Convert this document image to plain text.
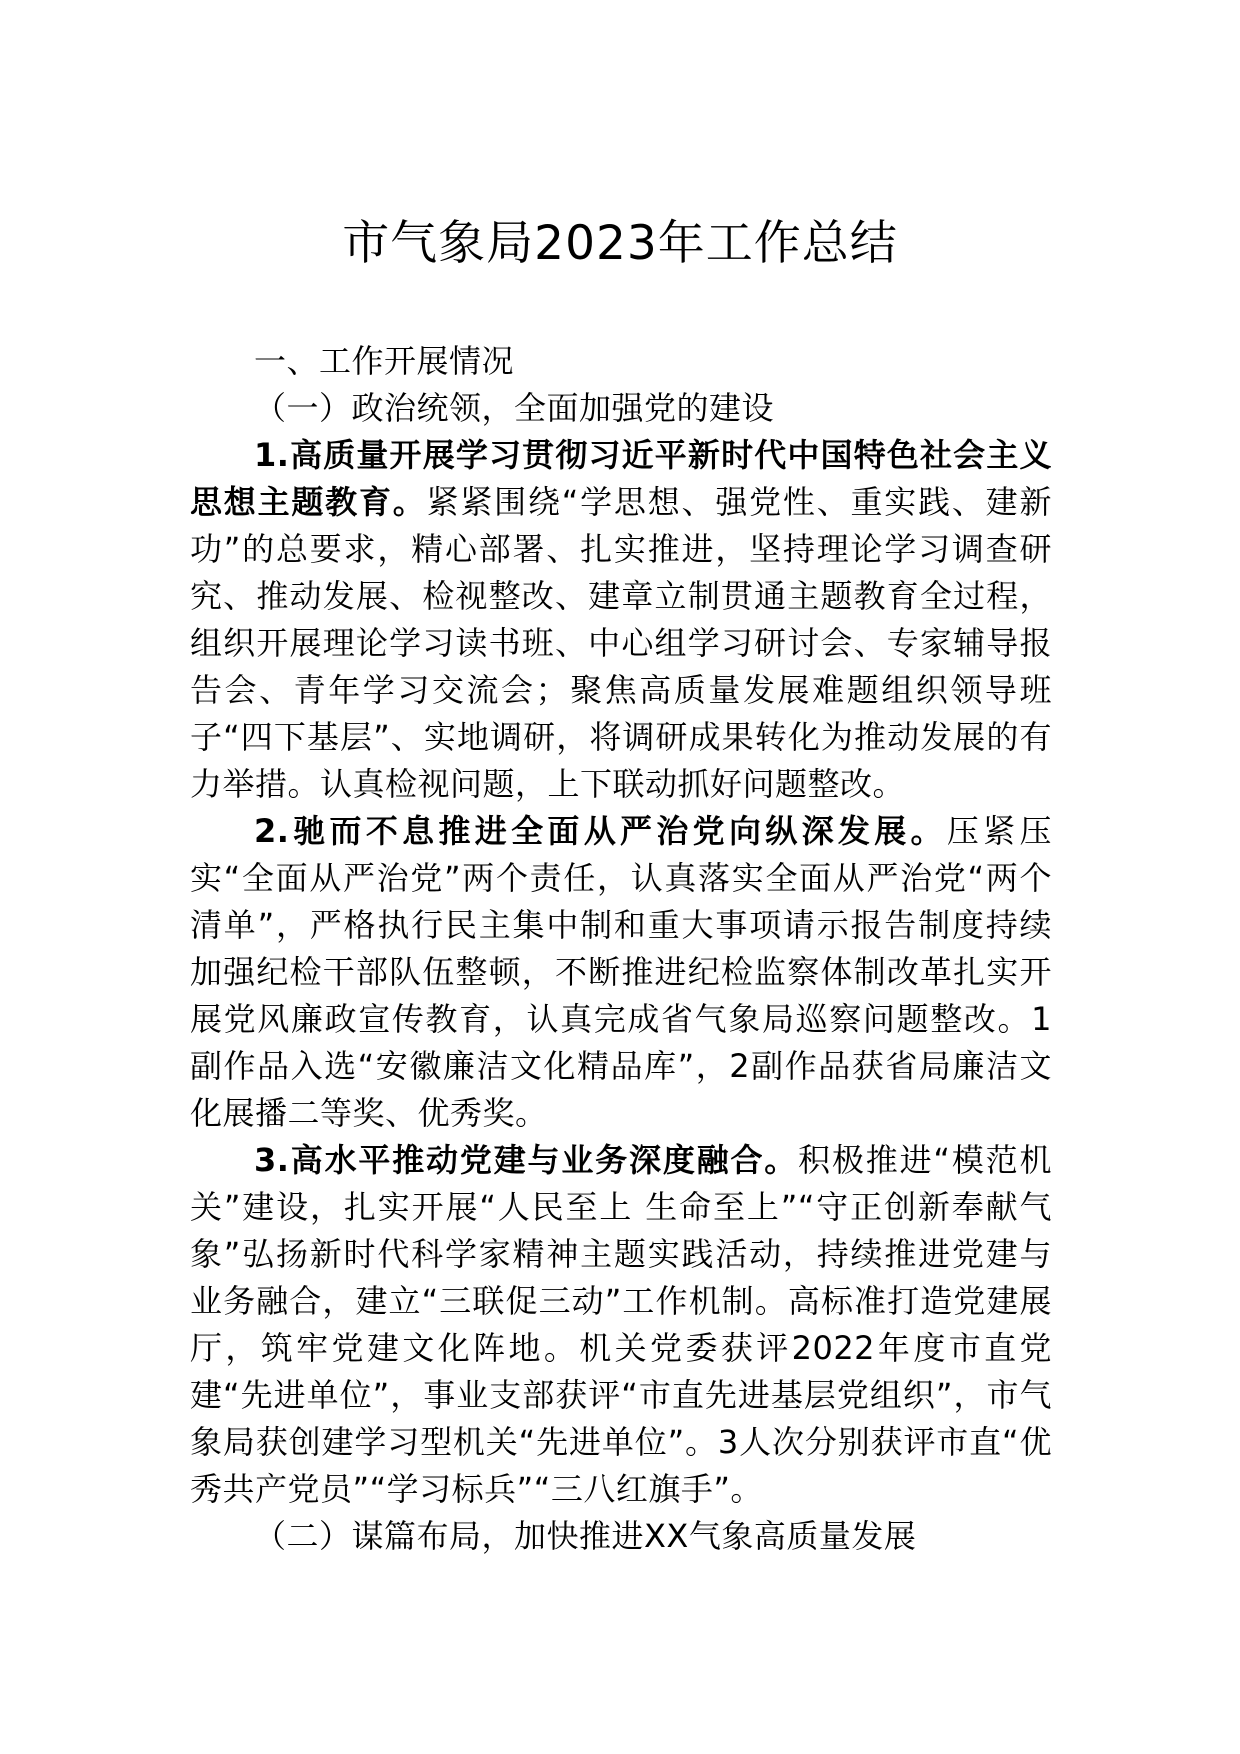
市气象局2023年工作总结

一、工作开展情况

（一）政治统领，全面加强党的建设

1.高质量开展学习贯彻习近平新时代中国特色社会主义思想主题教育。紧紧围绕“学思想、强党性、重实践、建新功”的总要求，精心部署、扎实推进，坚持理论学习调查研究、推动发展、检视整改、建章立制贯通主题教育全过程，组织开展理论学习读书班、中心组学习研讨会、专家辅导报告会、青年学习交流会；聚焦高质量发展难题组织领导班子“四下基层”、实地调研，将调研成果转化为推动发展的有力举措。认真检视问题，上下联动抓好问题整改。

2.驰而不息推进全面从严治党向纵深发展。压紧压实“全面从严治党”两个责任，认真落实全面从严治党“两个清单”，严格执行民主集中制和重大事项请示报告制度持续加强纪检干部队伍整顿，不断推进纪检监察体制改革扎实开展党风廉政宣传教育，认真完成省气象局巡察问题整改。1副作品入选“安徽廉洁文化精品库”，2副作品获省局廉洁文化展播二等奖、优秀奖。

3.高水平推动党建与业务深度融合。积极推进“模范机关”建设，扎实开展“人民至上 生命至上”“守正创新奉献气象”弘扬新时代科学家精神主题实践活动，持续推进党建与业务融合，建立“三联促三动”工作机制。高标准打造党建展厅，筑牢党建文化阵地。机关党委获评2022年度市直党建“先进单位”，事业支部获评“市直先进基层党组织”，市气象局获创建学习型机关“先进单位”。3人次分别获评市直“优秀共产党员”“学习标兵”“三八红旗手”。

（二）谋篇布局，加快推进XX气象高质量发展
